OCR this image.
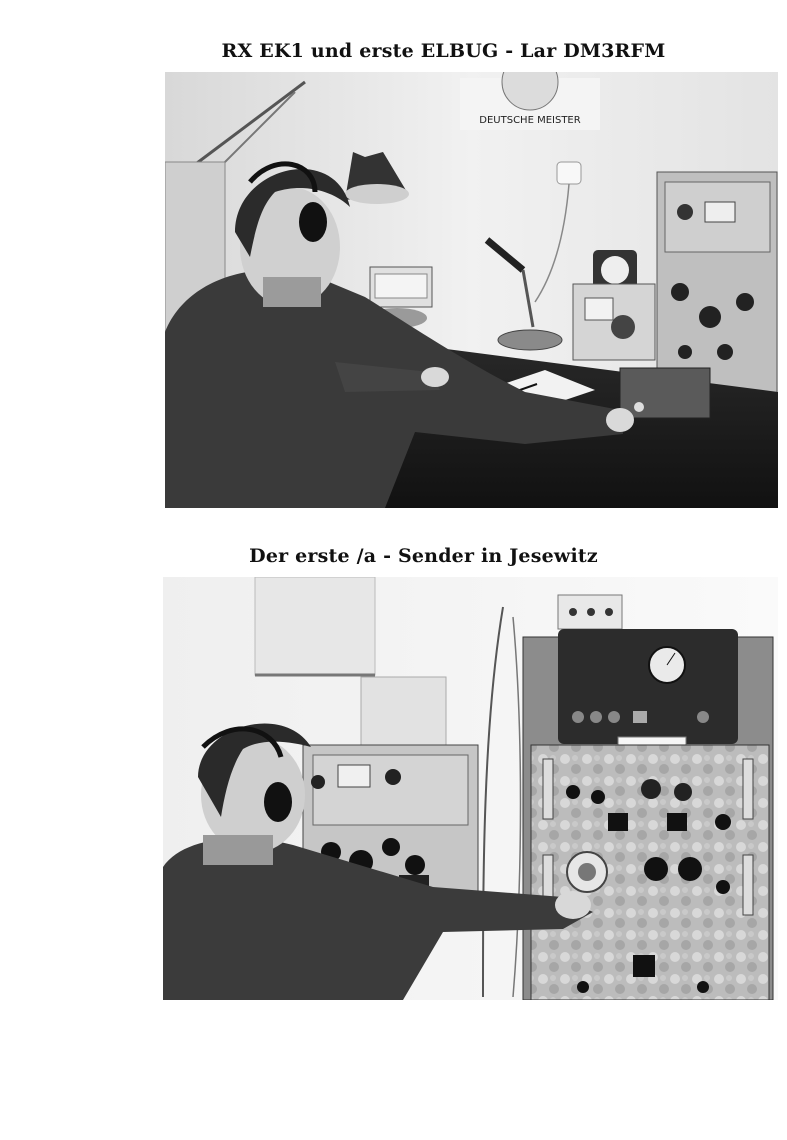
RX EK1 und erste ELBUG - Lar DM3RFM
DEUTSCHE MEISTER
Der erste /a - Sender in Jesewitz
